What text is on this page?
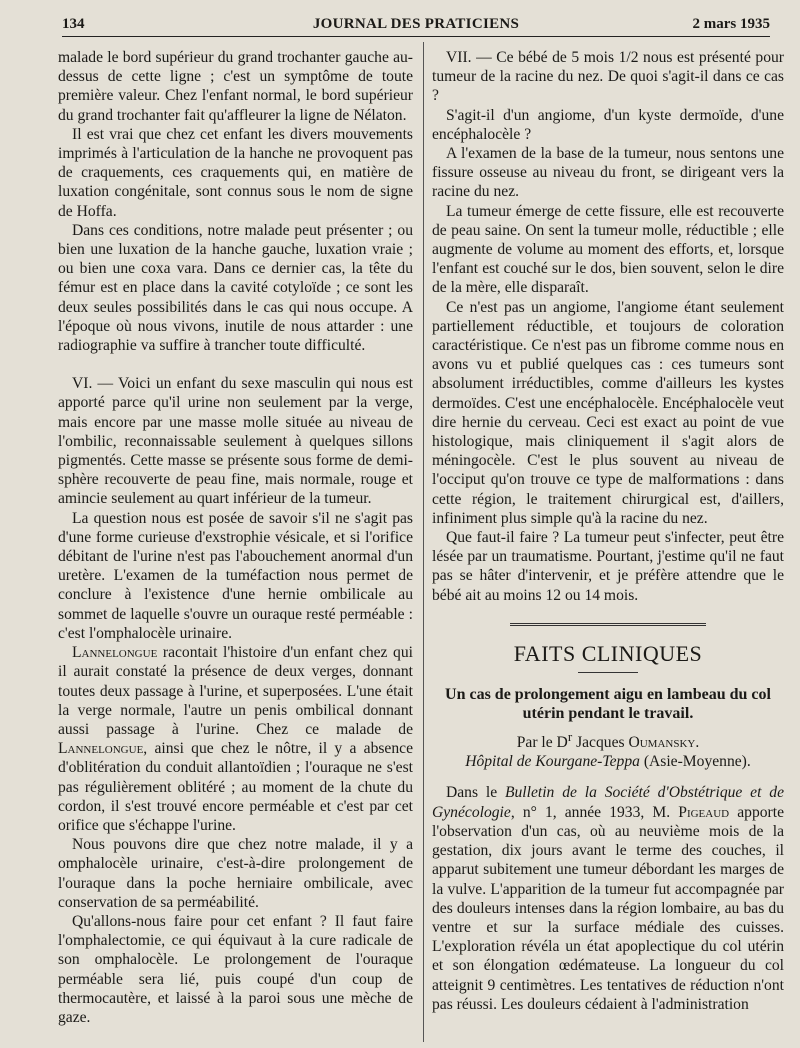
134	JOURNAL DES PRATICIENS	2 mars 1935

malade le bord supérieur du grand trochanter gauche au-dessus de cette ligne ; c'est un symptôme de toute première valeur. Chez l'enfant normal, le bord supérieur du grand trochanter fait qu'affleurer la ligne de Nélaton.

Il est vrai que chez cet enfant les divers mouvements imprimés à l'articulation de la hanche ne provoquent pas de craquements, ces craquements qui, en matière de luxation congénitale, sont connus sous le nom de signe de Hoffa.

Dans ces conditions, notre malade peut présenter ; ou bien une luxation de la hanche gauche, luxation vraie ; ou bien une coxa vara. Dans ce dernier cas, la tête du fémur est en place dans la cavité cotyloïde ; ce sont les deux seules possibilités dans le cas qui nous occupe. A l'époque où nous vivons, inutile de nous attarder : une radiographie va suffire à trancher toute difficulté.

VI. — Voici un enfant du sexe masculin qui nous est apporté parce qu'il urine non seulement par la verge, mais encore par une masse molle située au niveau de l'ombilic, reconnaissable seulement à quelques sillons pigmentés. Cette masse se présente sous forme de demi-sphère recouverte de peau fine, mais normale, rouge et amincie seulement au quart inférieur de la tumeur.

La question nous est posée de savoir s'il ne s'agit pas d'une forme curieuse d'exstrophie vésicale, et si l'orifice débitant de l'urine n'est pas l'abouchement anormal d'un uretère. L'examen de la tuméfaction nous permet de conclure à l'existence d'une hernie ombilicale au sommet de laquelle s'ouvre un ouraque resté perméable : c'est l'omphalocèle urinaire.

Lannelongue racontait l'histoire d'un enfant chez qui il aurait constaté la présence de deux verges, donnant toutes deux passage à l'urine, et superposées. L'une était la verge normale, l'autre un penis ombilical donnant aussi passage à l'urine. Chez ce malade de Lannelongue, ainsi que chez le nôtre, il y a absence d'oblitération du conduit allantoïdien ; l'ouraque ne s'est pas régulièrement oblitéré ; au moment de la chute du cordon, il s'est trouvé encore perméable et c'est par cet orifice que s'échappe l'urine.

Nous pouvons dire que chez notre malade, il y a omphalocèle urinaire, c'est-à-dire prolongement de l'ouraque dans la poche herniaire ombilicale, avec conservation de sa perméabilité.

Qu'allons-nous faire pour cet enfant ? Il faut faire l'omphalectomie, ce qui équivaut à la cure radicale de son omphalocèle. Le prolongement de l'ouraque perméable sera lié, puis coupé d'un coup de thermocautère, et laissé à la paroi sous une mèche de gaze.

VII. — Ce bébé de 5 mois 1/2 nous est présenté pour tumeur de la racine du nez. De quoi s'agit-il dans ce cas ?

S'agit-il d'un angiome, d'un kyste dermoïde, d'une encéphalocèle ?

A l'examen de la base de la tumeur, nous sentons une fissure osseuse au niveau du front, se dirigeant vers la racine du nez.

La tumeur émerge de cette fissure, elle est recouverte de peau saine. On sent la tumeur molle, réductible ; elle augmente de volume au moment des efforts, et, lorsque l'enfant est couché sur le dos, bien souvent, selon le dire de la mère, elle disparaît.

Ce n'est pas un angiome, l'angiome étant seulement partiellement réductible, et toujours de coloration caractéristique. Ce n'est pas un fibrome comme nous en avons vu et publié quelques cas : ces tumeurs sont absolument irréductibles, comme d'ailleurs les kystes dermoïdes. C'est une encéphalocèle. Encéphalocèle veut dire hernie du cerveau. Ceci est exact au point de vue histologique, mais cliniquement il s'agit alors de méningocèle. C'est le plus souvent au niveau de l'occiput qu'on trouve ce type de malformations : dans cette région, le traitement chirurgical est, d'aillers, infiniment plus simple qu'à la racine du nez.

Que faut-il faire ? La tumeur peut s'infecter, peut être lésée par un traumatisme. Pourtant, j'estime qu'il ne faut pas se hâter d'intervenir, et je préfère attendre que le bébé ait au moins 12 ou 14 mois.

FAITS CLINIQUES

Un cas de prolongement aigu en lambeau du col utérin pendant le travail.

Par le $D^r$ Jacques Oumansky.

Hôpital de Kourgane-Teppa (Asie-Moyenne).

Dans le Bulletin de la Société d'Obstétrique et de Gynécologie, n° 1, année 1933, M. Pigeaud apporte l'observation d'un cas, où au neuvième mois de la gestation, dix jours avant le terme des couches, il apparut subitement une tumeur débordant les marges de la vulve. L'apparition de la tumeur fut accompagnée par des douleurs intenses dans la région lombaire, au bas du ventre et sur la surface médiale des cuisses. L'exploration révéla un état apoplectique du col utérin et son élongation œdémateuse. La longueur du col atteignit 9 centimètres. Les tentatives de réduction n'ont pas réussi. Les douleurs cédaient à l'administration
